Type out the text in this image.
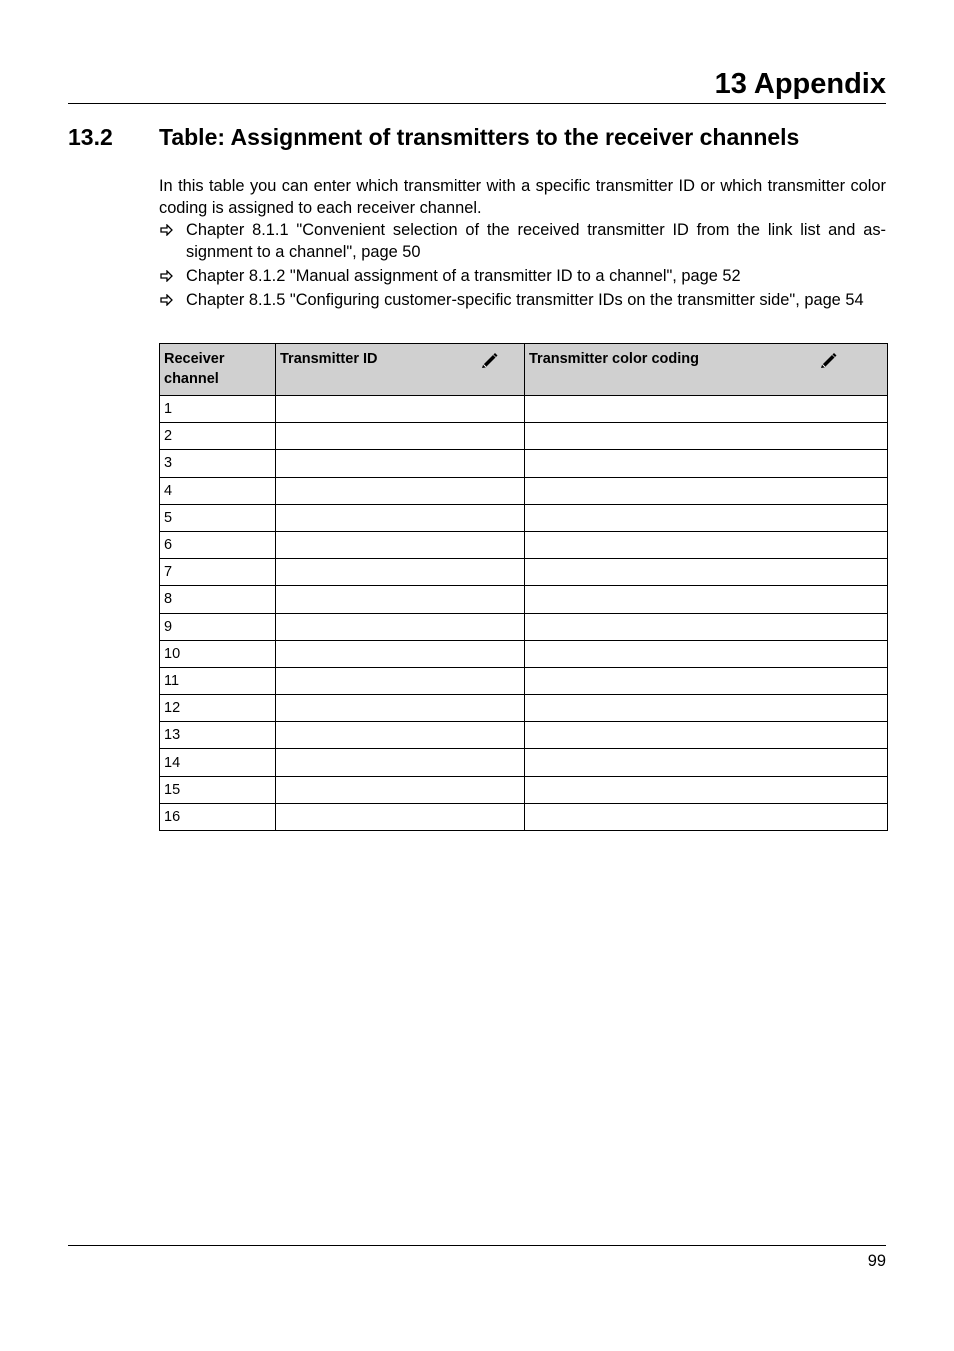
13 Appendix
13.2 Table: Assignment of transmitters to the receiver channels

In this table you can enter which transmitter with a specific transmitter ID or which transmitter color coding is assigned to each receiver channel.

Chapter 8.1.1 "Convenient selection of the received transmitter ID from the link list and as-signment to a channel", page 50
Chapter 8.1.2 "Manual assignment of a transmitter ID to a channel", page 52
Chapter 8.1.5 "Configuring customer-specific transmitter IDs on the transmitter side", page 54
Receiver channel	Transmitter ID	Transmitter color coding

1		
2		
3		
4		
5		
6		
7		
8		
9		
10		
11		
12		
13		
14		
15		
16		

99
